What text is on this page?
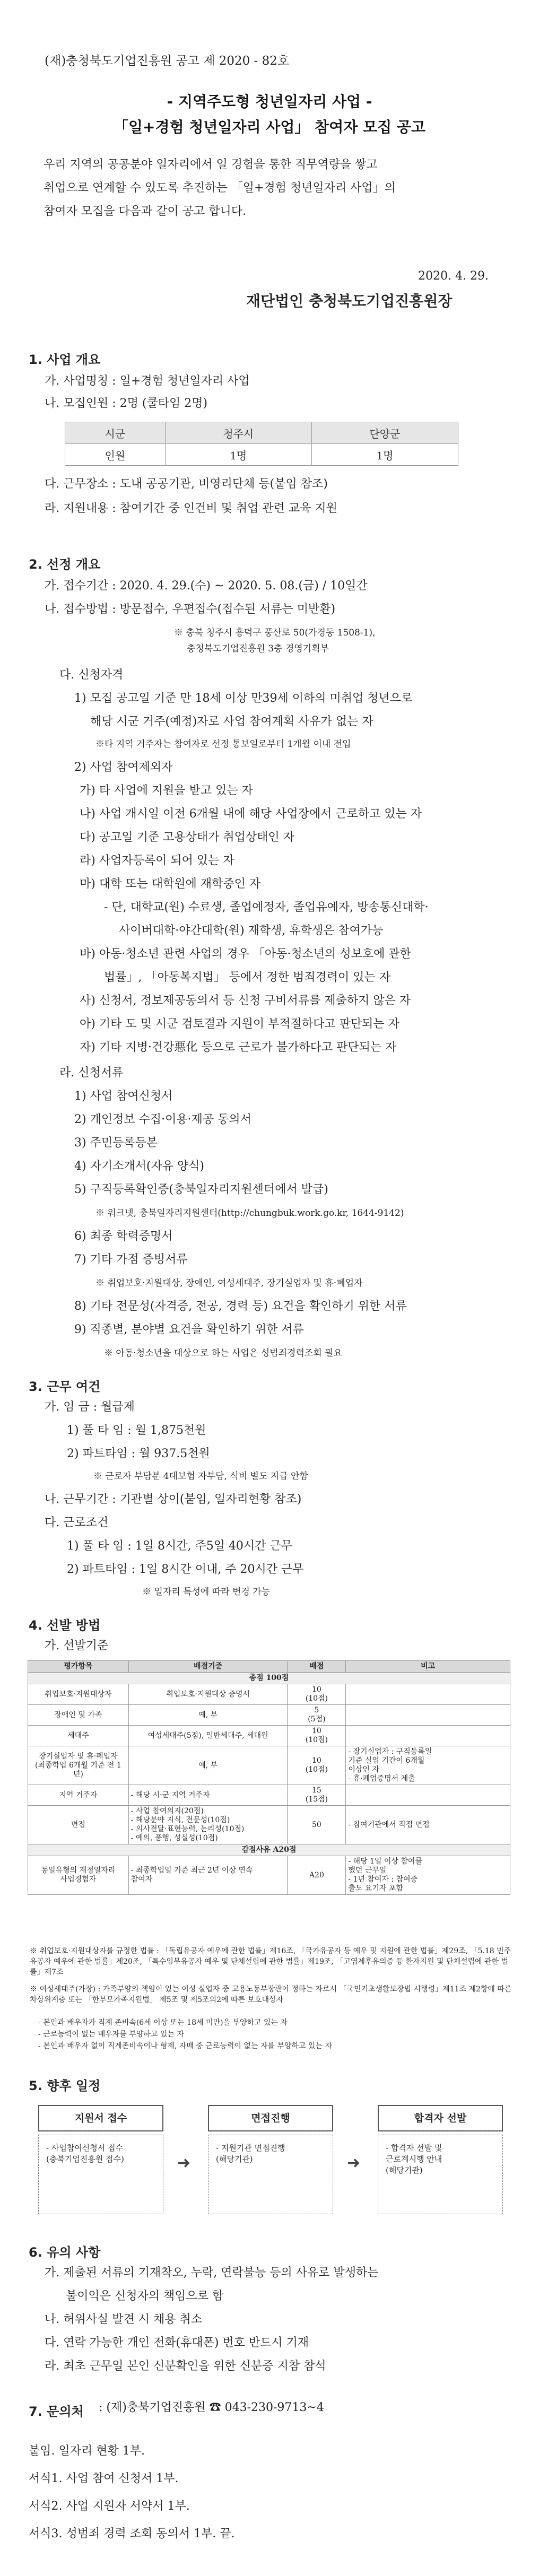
(재)충청북도기업진흥원 공고 제 2020 - 82호
- 지역주도형 청년일자리 사업 -
「일+경험 청년일자리 사업」 참여자 모집 공고
우리 지역의 공공분야 일자리에서 일 경험을 통한 직무역량을 쌓고
취업으로 연계할 수 있도록 추진하는 「일+경험 청년일자리 사업」의
참여자 모집을 다음과 같이 공고 합니다.
2020. 4. 29.
재단법인 충청북도기업진흥원장
1. 사업 개요
가. 사업명칭 : 일+경험 청년일자리 사업
나. 모집인원 : 2명 (쿨타임 2명)
시군	청주시	단양군
인원	1명	1명
다. 근무장소 : 도내 공공기관, 비영리단체 등(붙임 참조)
라. 지원내용 : 참여기간 중 인건비 및 취업 관련 교육 지원
2. 선정 개요
가. 접수기간 : 2020. 4. 29.(수) ~ 2020. 5. 08.(금) / 10일간
나. 접수방법 : 방문접수, 우편접수(접수된 서류는 미반환)
※ 충북 청주시 흥덕구 풍산로 50(가경동 1508-1),
충청북도기업진흥원 3층 경영기획부
다. 신청자격
1) 모집 공고일 기준 만 18세 이상 만39세 이하의 미취업 청년으로
해당 시군 거주(예정)자로 사업 참여계획 사유가 없는 자
※타 지역 거주자는 참여자로 선정 통보일로부터 1개월 이내 전입
2) 사업 참여제외자
가) 타 사업에 지원을 받고 있는 자
나) 사업 개시일 이전 6개월 내에 해당 사업장에서 근로하고 있는 자
다) 공고일 기준 고용상태가 취업상태인 자
라) 사업자등록이 되어 있는 자
마) 대학 또는 대학원에 재학중인 자
- 단, 대학교(원) 수료생, 졸업예정자, 졸업유예자, 방송통신대학·
사이버대학·야간대학(원) 재학생, 휴학생은 참여가능
바) 아동·청소년 관련 사업의 경우 「아동·청소년의 성보호에 관한
법률」, 「아동복지법」 등에서 정한 범죄경력이 있는 자
사) 신청서, 정보제공동의서 등 신청 구비서류를 제출하지 않은 자
아) 기타 도 및 시군 검토결과 지원이 부적절하다고 판단되는 자
자) 기타 지병·건강悪化 등으로 근로가 불가하다고 판단되는 자
라. 신청서류
1) 사업 참여신청서
2) 개인정보 수집·이용·제공 동의서
3) 주민등록등본
4) 자기소개서(자유 양식)
5) 구직등록확인증(충북일자리지원센터에서 발급)
※ 워크넷, 충북일자리지원센터(http://chungbuk.work.go.kr, 1644-9142)
6) 최종 학력증명서
7) 기타 가점 증빙서류
※ 취업보호·지원대상, 장애인, 여성세대주, 장기실업자 및 휴·폐업자
8) 기타 전문성(자격증, 전공, 경력 등) 요건을 확인하기 위한 서류
9) 직종별, 분야별 요건을 확인하기 위한 서류
※ 아동·청소년을 대상으로 하는 사업은 성범죄경력조회 필요
3. 근무 여건
가. 임 금 : 월급제
1) 풀 타 임 : 월 1,875천원
2) 파트타임 : 월 937.5천원
※ 근로자 부담분 4대보험 자부담, 식비 별도 지급 안함
나. 근무기간 : 기관별 상이(붙임, 일자리현황 참조)
다. 근로조건
1) 풀 타 임 : 1일 8시간, 주5일 40시간 근무
2) 파트타임 : 1일 8시간 이내, 주 20시간 근무
※ 일자리 특성에 따라 변경 가능
4. 선발 방법
가. 선발기준
평가항목	배점기준	배점	비고
총점 100점			
취업보호·지원대상자	취업보호·지원대상 증명서	10
(10점)	
장애인 및 가족	예, 부	5
(5점)	
세대주	여성세대주(5점), 일반세대주, 세대원	10
(10점)	
장기실업자 및 휴·폐업자
(최종학업 6개월 기준 전 1년)	예, 부	10
(10점)	- 장기실업자 : 구직등록일
기준 실업 기간이 6개월
이상인 자
- 휴·폐업증명서 제출
지역 거주자	- 해당 시·군 지역 거주자	15
(15점)	
면접	- 사업 참여의지(20점)
- 해당분야 지식, 전문성(10점)
- 의사전달·표현능력, 논리성(10점)
- 예의, 품행, 성실성(10점)	50	- 참여기관에서 직접 면접
감점사유 A20점			
동일유형의 재정일자리
사업경험자	- 최종학업일 기준 최근 2년 이상 연속
참여자	A20	- 해당 1일 이상 참여를
했던 근무일
- 1년 참여자 : 참여증
출도 요기자 포함
※ 취업보호·지원대상자를 규정한 법률 : 「독립유공자 예우에 관한 법률」제16조, 「국가유공자 등 예우 및 지원에 관한 법률」제29조, 「5.18 민주유공자 예우에 관한 법률」제20조, 「특수임무유공자 예우 및 단체설립에 관한 법률」제19조, 「고엽제후유의증 등 환자지원 및 단체설립에 관한 법률」제7조
※ 여성세대주(가장) : 가족부양의 책임이 있는 여성 실업자 중 고용노동부장관이 정하는 자로서 「국민기초생활보장법 시행령」제11조 제2항에 따른 차상위계층 또는 「한부모가족지원법」 제5조 및 제5조의2에 따른 보호대상자
- 본인과 배우자가 직계 존비속(6세 이상 또는 18세 미만)을 부양하고 있는 자
- 근로능력이 없는 배우자를 부양하고 있는 자
- 본인과 배우자 없이 직계존비속이나 형제, 자매 중 근로능력이 없는 자를 부양하고 있는 자
5. 향후 일정
지원서 접수
- 사업참여신청서 접수
(충북기업진흥원 접수)	➜
면접진행
- 지원기관 면접진행
(해당기관)	➜
합격자 선발
- 합격자 선발 및
근로계시행 안내
(해당기관)
6. 유의 사항
가. 제출된 서류의 기재착오, 누락, 연락불능 등의 사유로 발생하는
불이익은 신청자의 책임으로 함
나. 허위사실 발견 시 채용 취소
다. 연락 가능한 개인 전화(휴대폰) 번호 반드시 기재
라. 최초 근무일 본인 신분확인을 위한 신분증 지참 참석
7. 문의처 : (재)충북기업진흥원 ☎ 043-230-9713~4
붙임. 일자리 현황 1부.
서식1. 사업 참여 신청서 1부.
서식2. 사업 지원자 서약서 1부.
서식3. 성범죄 경력 조회 동의서 1부. 끝.
